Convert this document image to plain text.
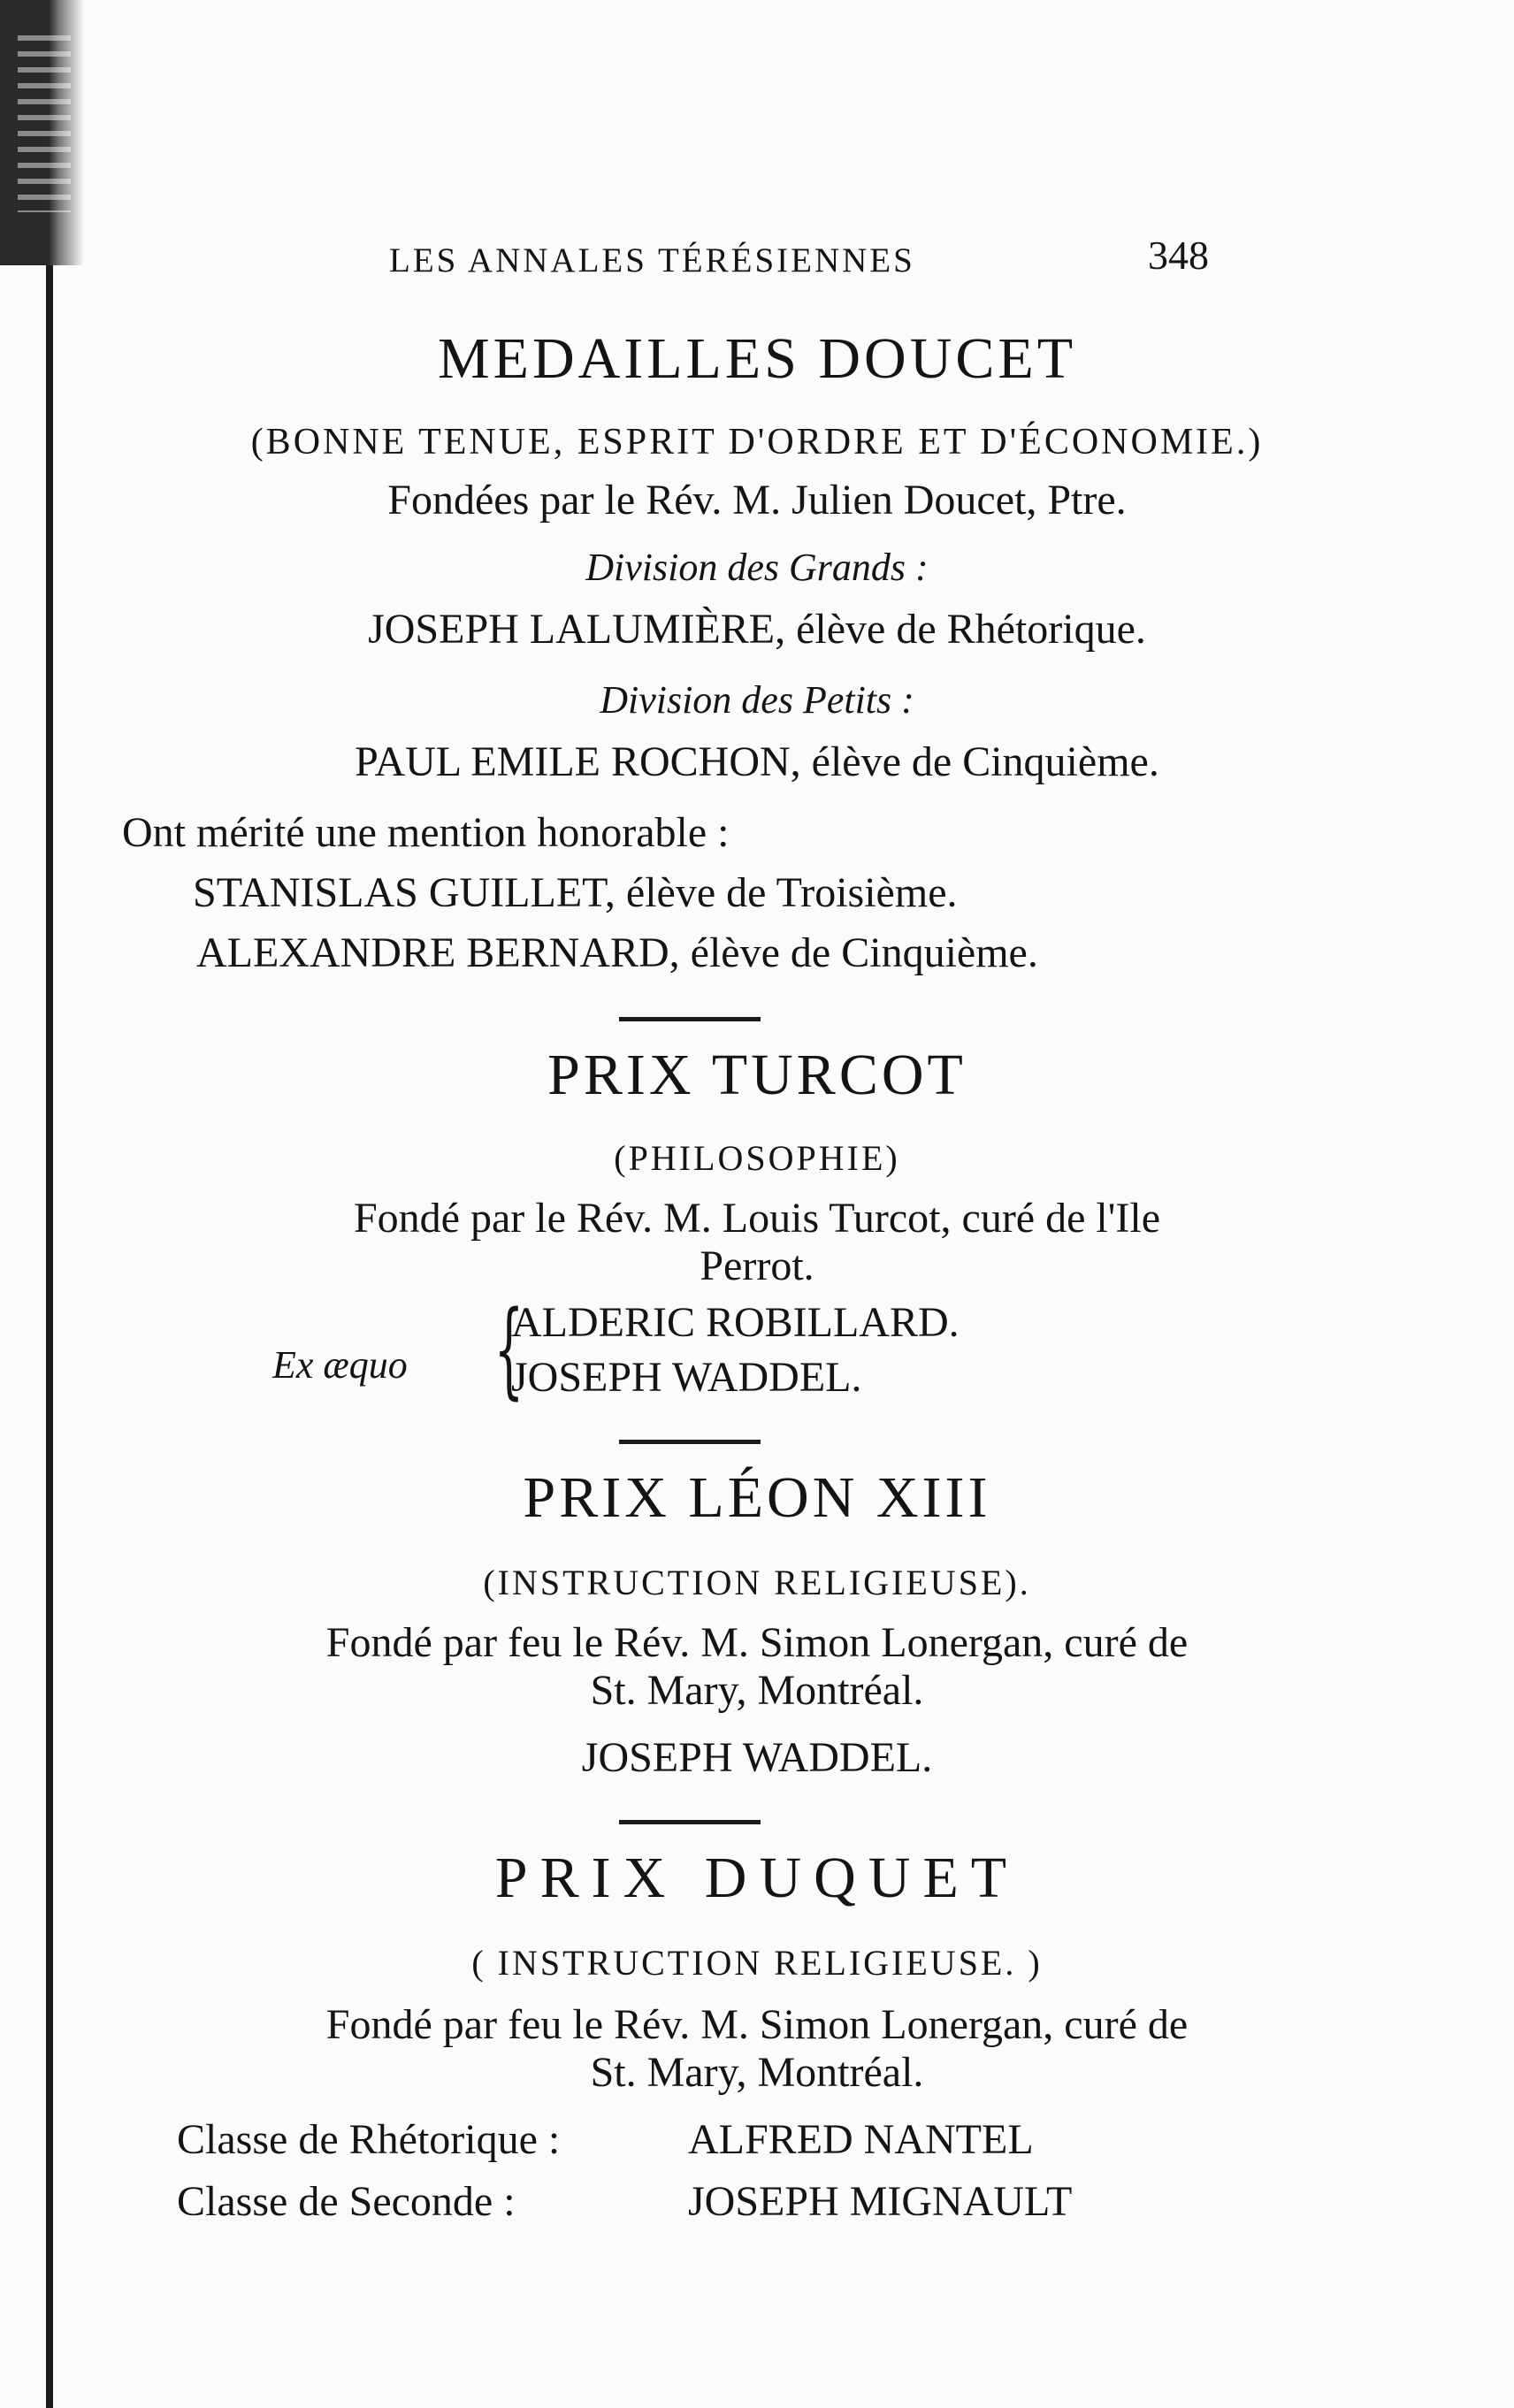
LES ANNALES TÉRÉSIENNES	348
MEDAILLES DOUCET
(BONNE TENUE, ESPRIT D'ORDRE ET D'ÉCONOMIE.)
Fondées par le Rév. M. Julien Doucet, Ptre.
Division des Grands :
JOSEPH LALUMIÈRE, élève de Rhétorique.
Division des Petits :
PAUL EMILE ROCHON, élève de Cinquième.
Ont mérité une mention honorable :
STANISLAS GUILLET, élève de Troisième.
ALEXANDRE BERNARD, élève de Cinquième.
PRIX TURCOT
(PHILOSOPHIE)
Fondé par le Rév. M. Louis Turcot, curé de l'Ile
Perrot.
Ex æquo {
ALDERIC ROBILLARD.
JOSEPH WADDEL.
PRIX LÉON XIII
(INSTRUCTION RELIGIEUSE).
Fondé par feu le Rév. M. Simon Lonergan, curé de
St. Mary, Montréal.
JOSEPH WADDEL.
PRIX DUQUET
( INSTRUCTION RELIGIEUSE. )
Fondé par feu le Rév. M. Simon Lonergan, curé de
St. Mary, Montréal.
Classe de Rhétorique :	ALFRED NANTEL
Classe de Seconde :	JOSEPH MIGNAULT
